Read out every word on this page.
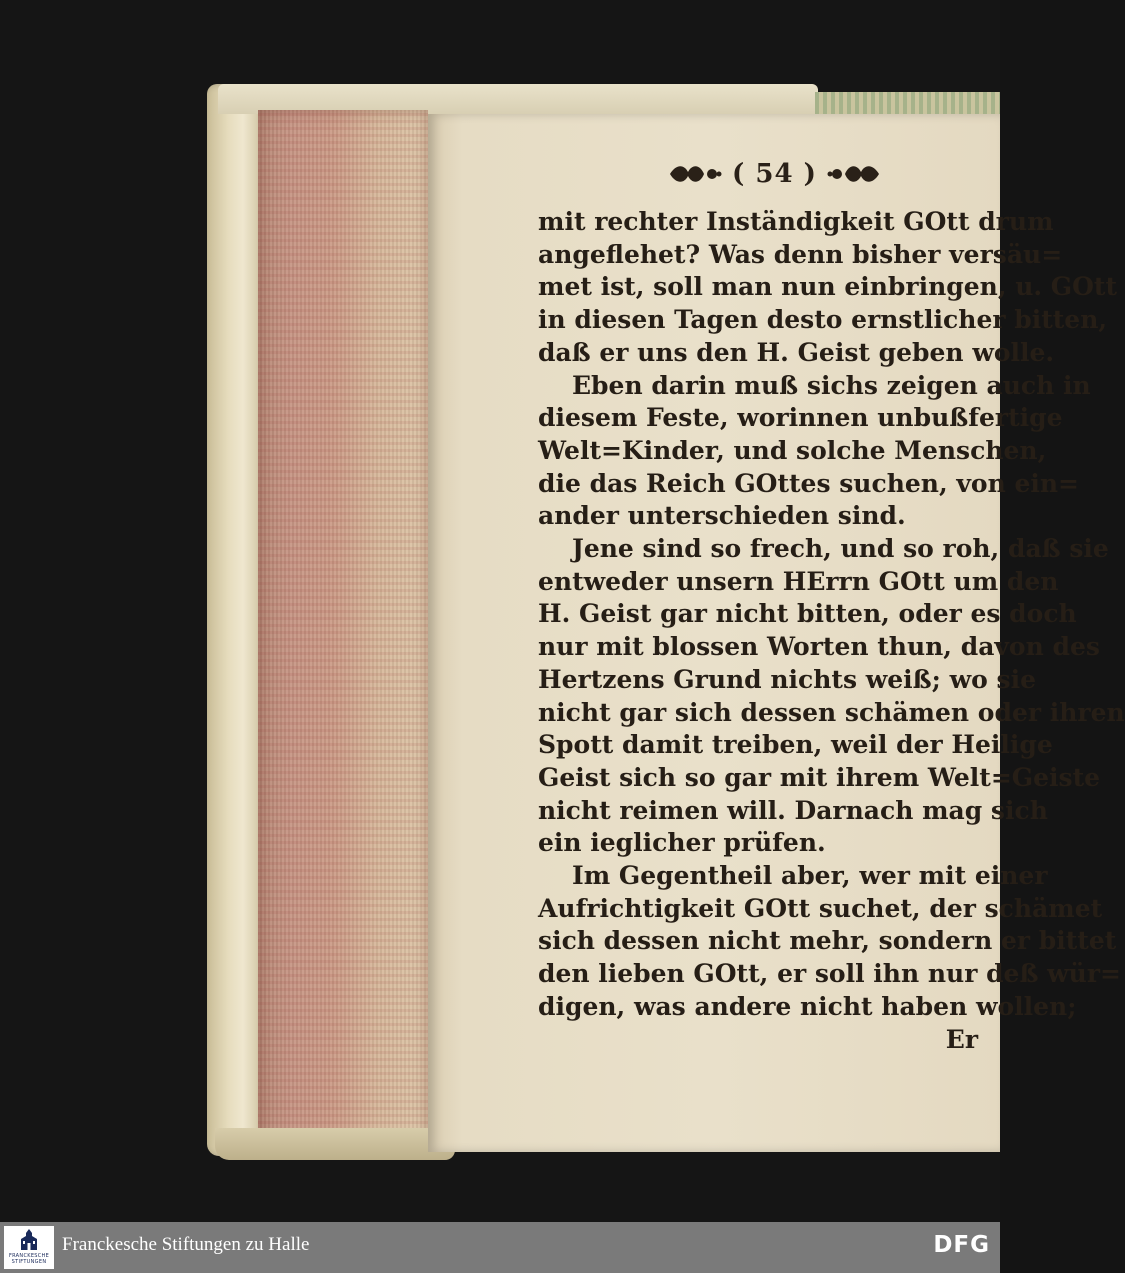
( 54 )
mit rechter Inständigkeit GOtt drum
angeflehet? Was denn bisher versäu=
met ist, soll man nun einbringen, u. GOtt
in diesen Tagen desto ernstlicher bitten,
daß er uns den H. Geist geben wolle.
Eben darin muß sichs zeigen auch in
diesem Feste, worinnen unbußfertige
Welt=Kinder, und solche Menschen,
die das Reich GOttes suchen, von ein=
ander unterschieden sind.
Jene sind so frech, und so roh, daß sie
entweder unsern HErrn GOtt um den
H. Geist gar nicht bitten, oder es doch
nur mit blossen Worten thun, davon des
Hertzens Grund nichts weiß; wo sie
nicht gar sich dessen schämen oder ihren
Spott damit treiben, weil der Heilige
Geist sich so gar mit ihrem Welt=Geiste
nicht reimen will. Darnach mag sich
ein ieglicher prüfen.
Im Gegentheil aber, wer mit einer
Aufrichtigkeit GOtt suchet, der schämet
sich dessen nicht mehr, sondern er bittet
den lieben GOtt, er soll ihn nur deß wür=
digen, was andere nicht haben wollen;
Er
FRANCKESCHE
STIFTUNGEN
Franckesche Stiftungen zu Halle	DFG
